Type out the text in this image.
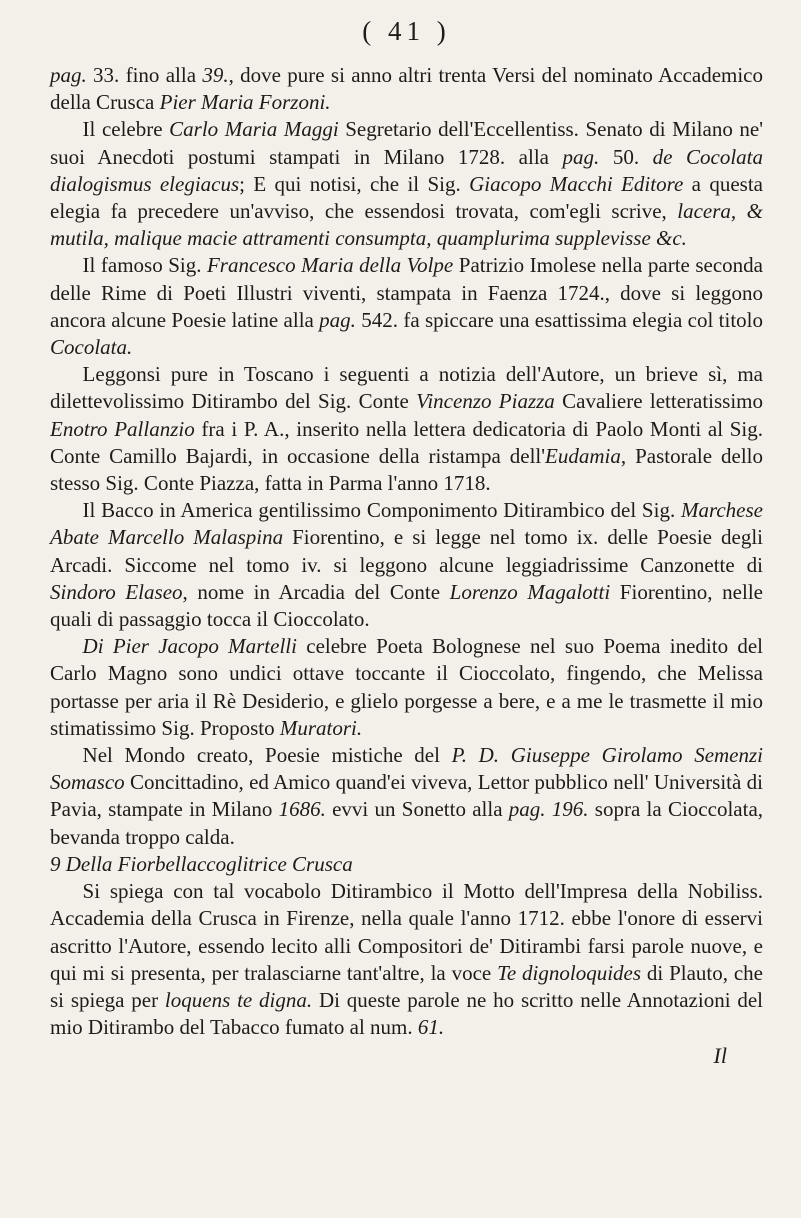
( 41 )

pag. 33. fino alla 39., dove pure si anno altri trenta Versi del nominato Accademico della Crusca Pier Maria Forzoni.

Il celebre Carlo Maria Maggi Segretario dell'Eccellentiss. Senato di Milano ne' suoi Anecdoti postumi stampati in Milano 1728. alla pag. 50. de Cocolata dialogismus elegiacus; E qui notisi, che il Sig. Giacopo Macchi Editore a questa elegia fa precedere un'avviso, che essendosi trovata, com'egli scrive, lacera, & mutila, malique macie attramenti consumpta, quamplurima supplevisse &c.

Il famoso Sig. Francesco Maria della Volpe Patrizio Imolese nella parte seconda delle Rime di Poeti Illustri viventi, stampata in Faenza 1724., dove si leggono ancora alcune Poesie latine alla pag. 542. fa spiccare una esattissima elegia col titolo Cocolata.

Leggonsi pure in Toscano i seguenti a notizia dell'Autore, un brieve sì, ma dilettevolissimo Ditirambo del Sig. Conte Vincenzo Piazza Cavaliere letteratissimo Enotro Pallanzio fra i P. A., inserito nella lettera dedicatoria di Paolo Monti al Sig. Conte Camillo Bajardi, in occasione della ristampa dell'Eudamia, Pastorale dello stesso Sig. Conte Piazza, fatta in Parma l'anno 1718.

Il Bacco in America gentilissimo Componimento Ditirambico del Sig. Marchese Abate Marcello Malaspina Fiorentino, e si legge nel tomo ix. delle Poesie degli Arcadi. Siccome nel tomo iv. si leggono alcune leggiadrissime Canzonette di Sindoro Elaseo, nome in Arcadia del Conte Lorenzo Magalotti Fiorentino, nelle quali di passaggio tocca il Cioccolato.

Di Pier Jacopo Martelli celebre Poeta Bolognese nel suo Poema inedito del Carlo Magno sono undici ottave toccante il Cioccolato, fingendo, che Melissa portasse per aria il Rè Desiderio, e glielo porgesse a bere, e a me le trasmette il mio stimatissimo Sig. Proposto Muratori.

Nel Mondo creato, Poesie mistiche del P. D. Giuseppe Girolamo Semenzi Somasco Concittadino, ed Amico quand'ei viveva, Lettor pubblico nell' Università di Pavia, stampate in Milano 1686. evvi un Sonetto alla pag. 196. sopra la Cioccolata, bevanda troppo calda.

9 Della Fiorbellaccoglitrice Crusca

Si spiega con tal vocabolo Ditirambico il Motto dell'Impresa della Nobiliss. Accademia della Crusca in Firenze, nella quale l'anno 1712. ebbe l'onore di esservi ascritto l'Autore, essendo lecito alli Compositori de' Ditirambi farsi parole nuove, e qui mi si presenta, per tralasciarne tant'altre, la voce Te dignoloquides di Plauto, che si spiega per loquens te digna. Di queste parole ne ho scritto nelle Annotazioni del mio Ditirambo del Tabacco fumato al num. 61.

Il
